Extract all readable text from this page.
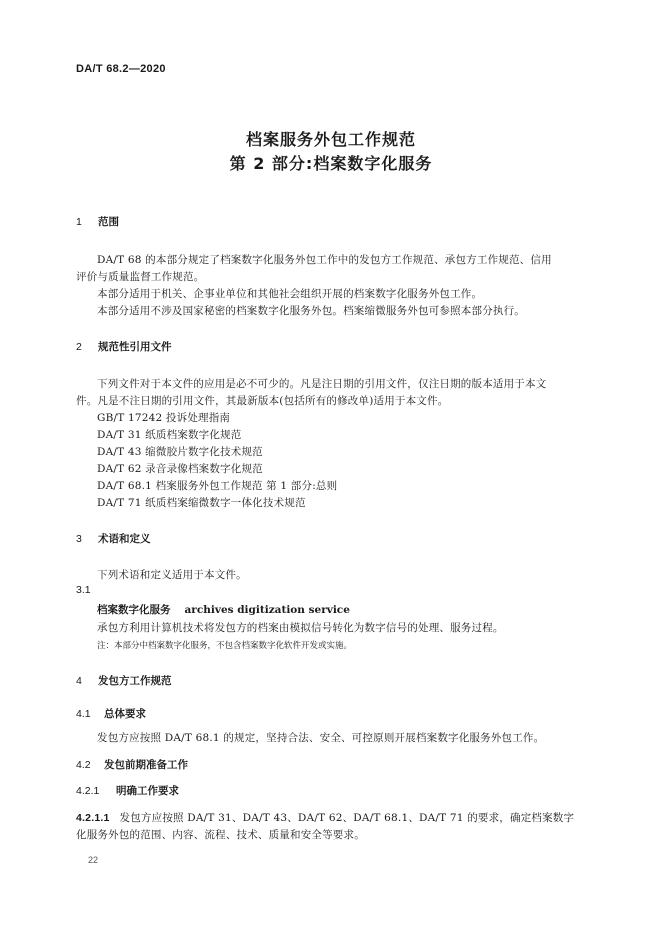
DA/T 68.2—2020
档案服务外包工作规范
第 2 部分:档案数字化服务
1 范围
DA/T 68 的本部分规定了档案数字化服务外包工作中的发包方工作规范、承包方工作规范、信用
评价与质量监督工作规范。
本部分适用于机关、企事业单位和其他社会组织开展的档案数字化服务外包工作。
本部分适用不涉及国家秘密的档案数字化服务外包。档案缩微服务外包可参照本部分执行。
2 规范性引用文件
下列文件对于本文件的应用是必不可少的。凡是注日期的引用文件，仅注日期的版本适用于本文
件。凡是不注日期的引用文件，其最新版本(包括所有的修改单)适用于本文件。
GB/T 17242 投诉处理指南
DA/T 31 纸质档案数字化规范
DA/T 43 缩微胶片数字化技术规范
DA/T 62 录音录像档案数字化规范
DA/T 68.1 档案服务外包工作规范 第 1 部分:总则
DA/T 71 纸质档案缩微数字一体化技术规范
3 术语和定义
下列术语和定义适用于本文件。
3.1
档案数字化服务 archives digitization service
承包方利用计算机技术将发包方的档案由模拟信号转化为数字信号的处理、服务过程。
注：本部分中档案数字化服务，不包含档案数字化软件开发或实施。
4 发包方工作规范
4.1 总体要求
发包方应按照 DA/T 68.1 的规定，坚持合法、安全、可控原则开展档案数字化服务外包工作。
4.2 发包前期准备工作
4.2.1 明确工作要求
4.2.1.1 发包方应按照 DA/T 31、DA/T 43、DA/T 62、DA/T 68.1、DA/T 71 的要求，确定档案数字
化服务外包的范围、内容、流程、技术、质量和安全等要求。
22
